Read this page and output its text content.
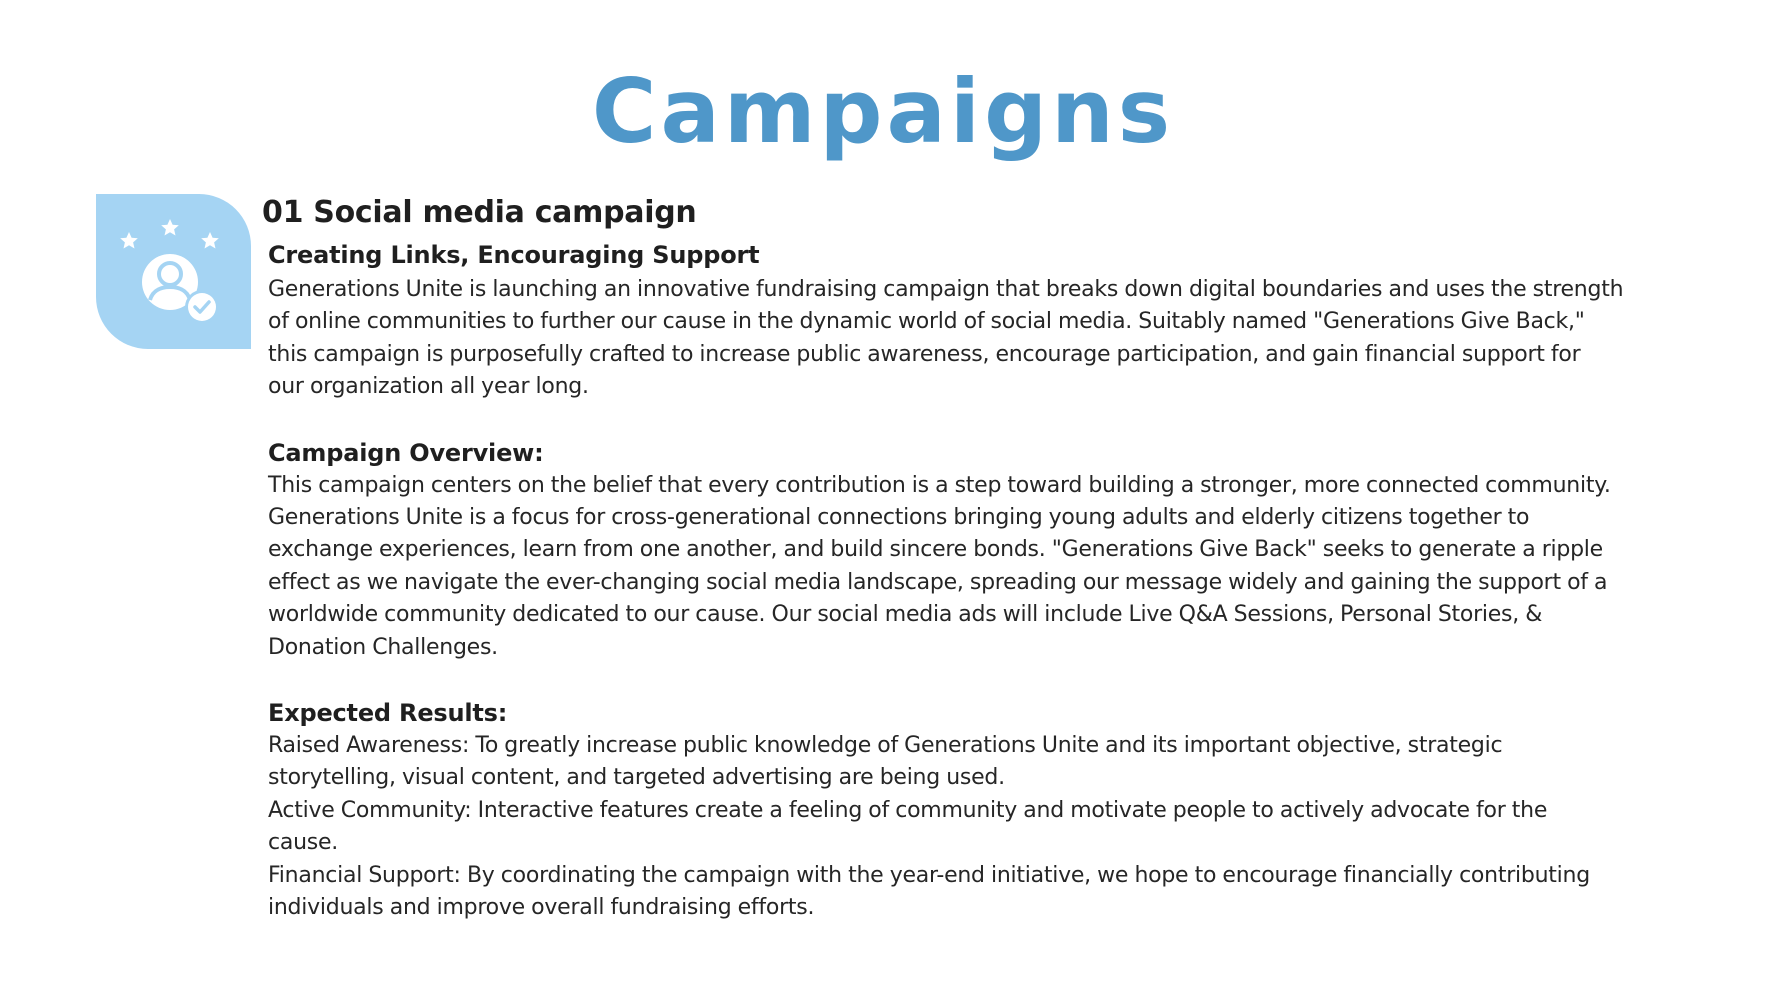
Campaigns
01 Social media campaign
Creating Links, Encouraging Support

Generations Unite is launching an innovative fundraising campaign that breaks down digital boundaries and uses the strength

of online communities to further our cause in the dynamic world of social media. Suitably named "Generations Give Back,"

this campaign is purposefully crafted to increase public awareness, encourage participation, and gain financial support for

our organization all year long.

Campaign Overview:

This campaign centers on the belief that every contribution is a step toward building a stronger, more connected community.

Generations Unite is a focus for cross-generational connections bringing young adults and elderly citizens together to

exchange experiences, learn from one another, and build sincere bonds. "Generations Give Back" seeks to generate a ripple

effect as we navigate the ever-changing social media landscape, spreading our message widely and gaining the support of a

worldwide community dedicated to our cause. Our social media ads will include Live Q&A Sessions, Personal Stories, &

Donation Challenges.

Expected Results:

Raised Awareness: To greatly increase public knowledge of Generations Unite and its important objective, strategic

storytelling, visual content, and targeted advertising are being used.

Active Community: Interactive features create a feeling of community and motivate people to actively advocate for the

cause.

Financial Support: By coordinating the campaign with the year-end initiative, we hope to encourage financially contributing

individuals and improve overall fundraising efforts.
